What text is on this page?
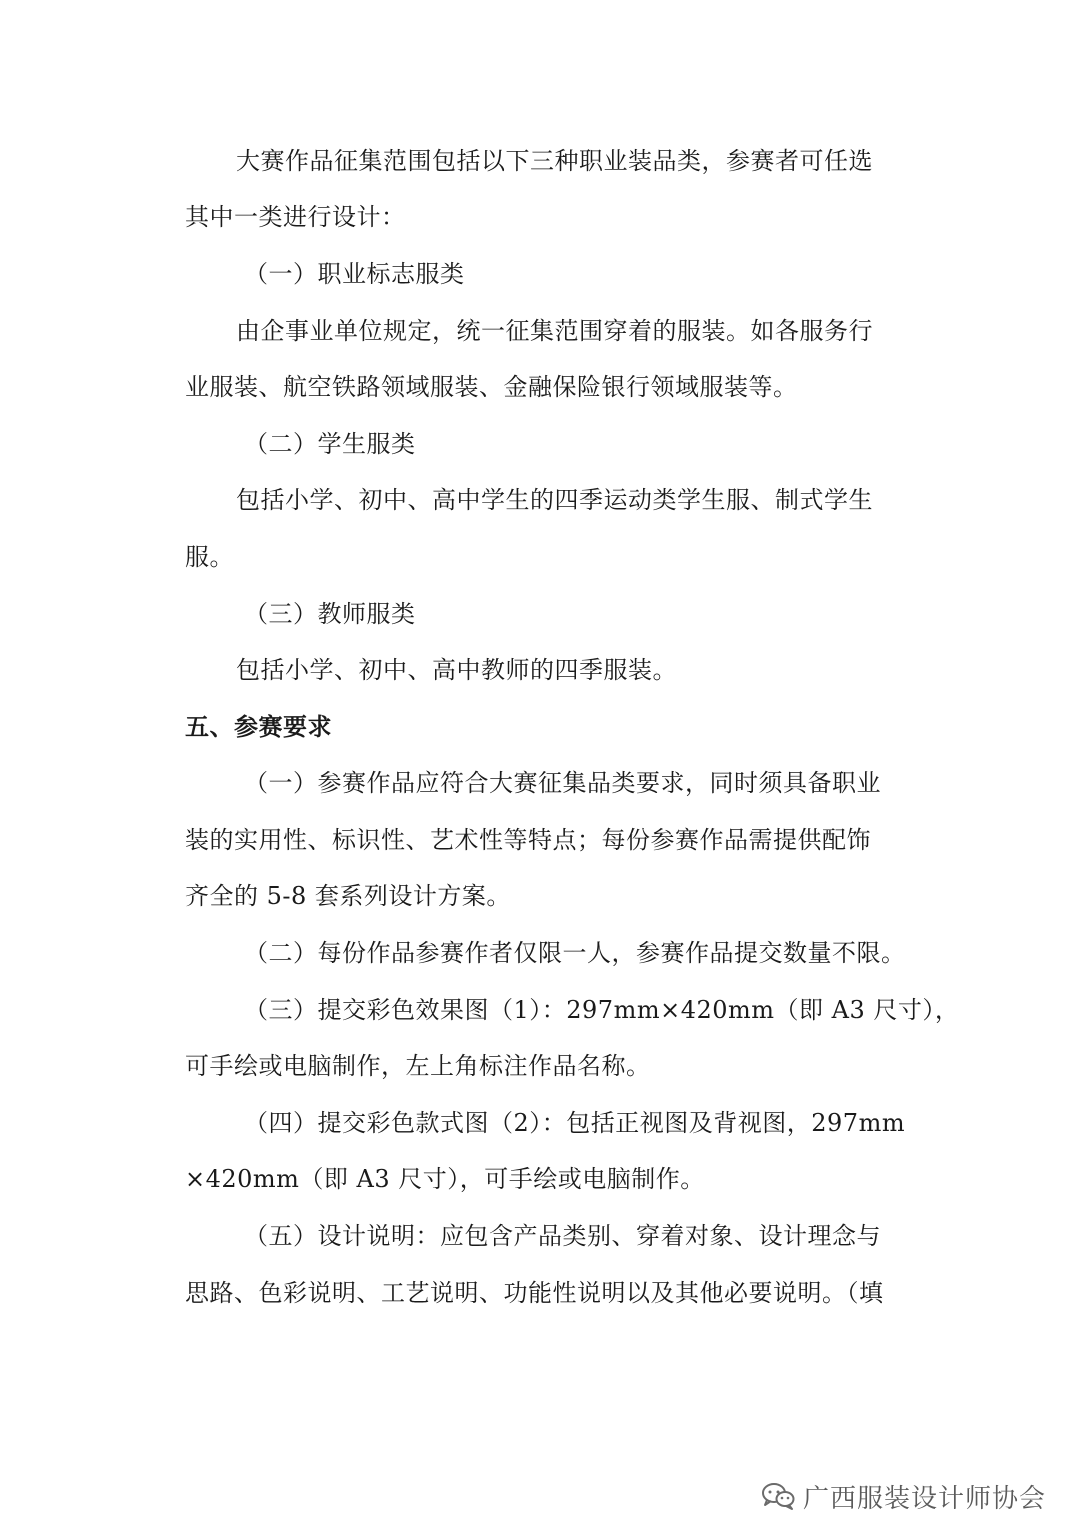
大赛作品征集范围包括以下三种职业装品类，参赛者可任选
其中一类进行设计：
（一）职业标志服类
由企事业单位规定，统一征集范围穿着的服装。如各服务行
业服装、航空铁路领域服装、金融保险银行领域服装等。
（二）学生服类
包括小学、初中、高中学生的四季运动类学生服、制式学生
服。
（三）教师服类
包括小学、初中、高中教师的四季服装。
五、参赛要求
（一）参赛作品应符合大赛征集品类要求，同时须具备职业
装的实用性、标识性、艺术性等特点；每份参赛作品需提供配饰
齐全的 5-8 套系列设计方案。
（二）每份作品参赛作者仅限一人，参赛作品提交数量不限。
（三）提交彩色效果图（1）：297mm×420mm（即 A3 尺寸），
可手绘或电脑制作，左上角标注作品名称。
（四）提交彩色款式图（2）：包括正视图及背视图，297mm
×420mm（即 A3 尺寸），可手绘或电脑制作。
（五）设计说明：应包含产品类别、穿着对象、设计理念与
思路、色彩说明、工艺说明、功能性说明以及其他必要说明。（填
广西服装设计师协会
